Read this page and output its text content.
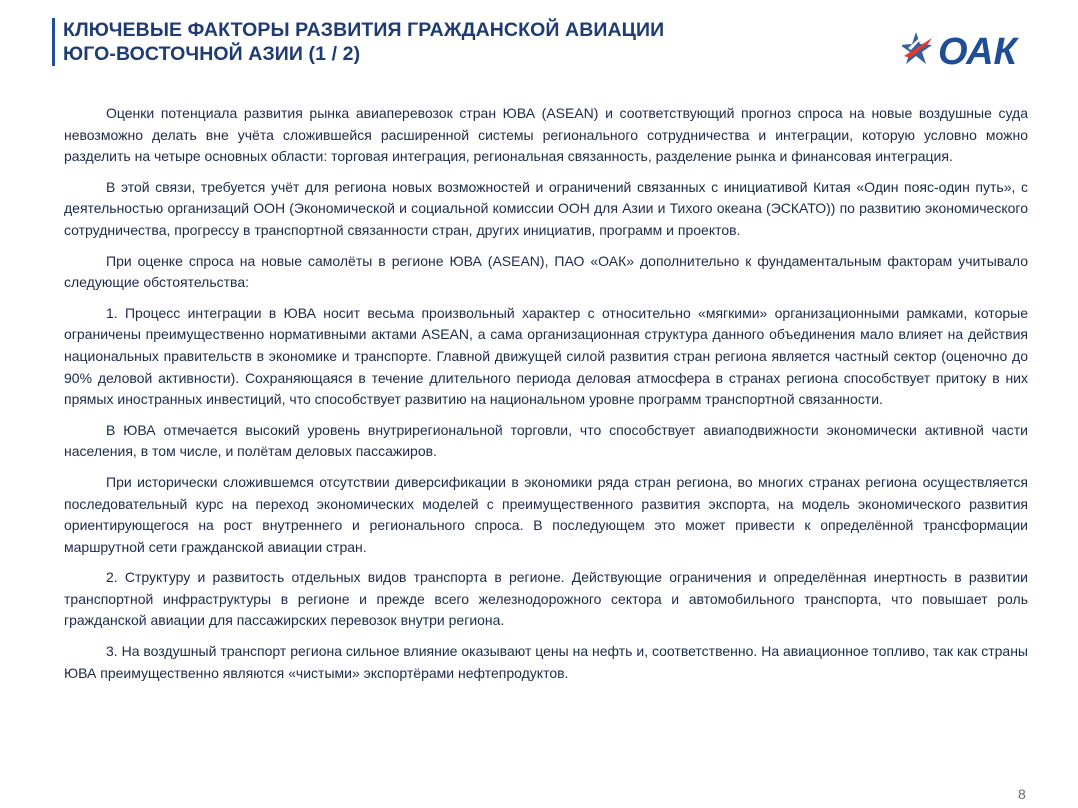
КЛЮЧЕВЫЕ ФАКТОРЫ РАЗВИТИЯ ГРАЖДАНСКОЙ АВИАЦИИ
ЮГО-ВОСТОЧНОЙ АЗИИ (1 / 2)	ОАК

Оценки потенциала развития рынка авиаперевозок стран ЮВА (ASEAN) и соответствующий прогноз спроса на новые воздушные суда невозможно делать вне учёта сложившейся расширенной системы регионального сотрудничества и интеграции, которую условно можно разделить на четыре основных области: торговая интеграция, региональная связанность, разделение рынка и финансовая интеграция.

В этой связи, требуется учёт для региона новых возможностей и ограничений связанных с инициативой Китая «Один пояс-один путь», с деятельностью организаций ООН (Экономической и социальной комиссии ООН для Азии и Тихого океана (ЭСКАТО)) по развитию экономического сотрудничества, прогрессу в транспортной связанности стран, других инициатив, программ и проектов.

При оценке спроса на новые самолёты в регионе ЮВА (ASEAN), ПАО «ОАК» дополнительно к фундаментальным факторам учитывало следующие обстоятельства:

1. Процесс интеграции в ЮВА носит весьма произвольный характер с относительно «мягкими» организационными рамками, которые ограничены преимущественно нормативными актами ASEAN, а сама организационная структура данного объединения мало влияет на действия национальных правительств в экономике и транспорте. Главной движущей силой развития стран региона является частный сектор (оценочно до 90% деловой активности). Сохраняющаяся в течение длительного периода деловая атмосфера в странах региона способствует притоку в них прямых иностранных инвестиций, что способствует развитию на национальном уровне программ транспортной связанности.

В ЮВА отмечается высокий уровень внутрирегиональной торговли, что способствует авиаподвижности экономически активной части населения, в том числе, и полётам деловых пассажиров.

При исторически сложившемся отсутствии диверсификации в экономики ряда стран региона, во многих странах региона осуществляется последовательный курс на переход экономических моделей с преимущественного развития экспорта, на модель экономического развития ориентирующегося на рост внутреннего и регионального спроса. В последующем это может привести к определённой трансформации маршрутной сети гражданской авиации стран.

2. Структуру и развитость отдельных видов транспорта в регионе. Действующие ограничения и определённая инертность в развитии транспортной инфраструктуры в регионе и прежде всего железнодорожного сектора и автомобильного транспорта, что повышает роль гражданской авиации для пассажирских перевозок внутри региона.

3. На воздушный транспорт региона сильное влияние оказывают цены на нефть и, соответственно. На авиационное топливо, так как страны ЮВА преимущественно являются «чистыми» экспортёрами нефтепродуктов.

8
